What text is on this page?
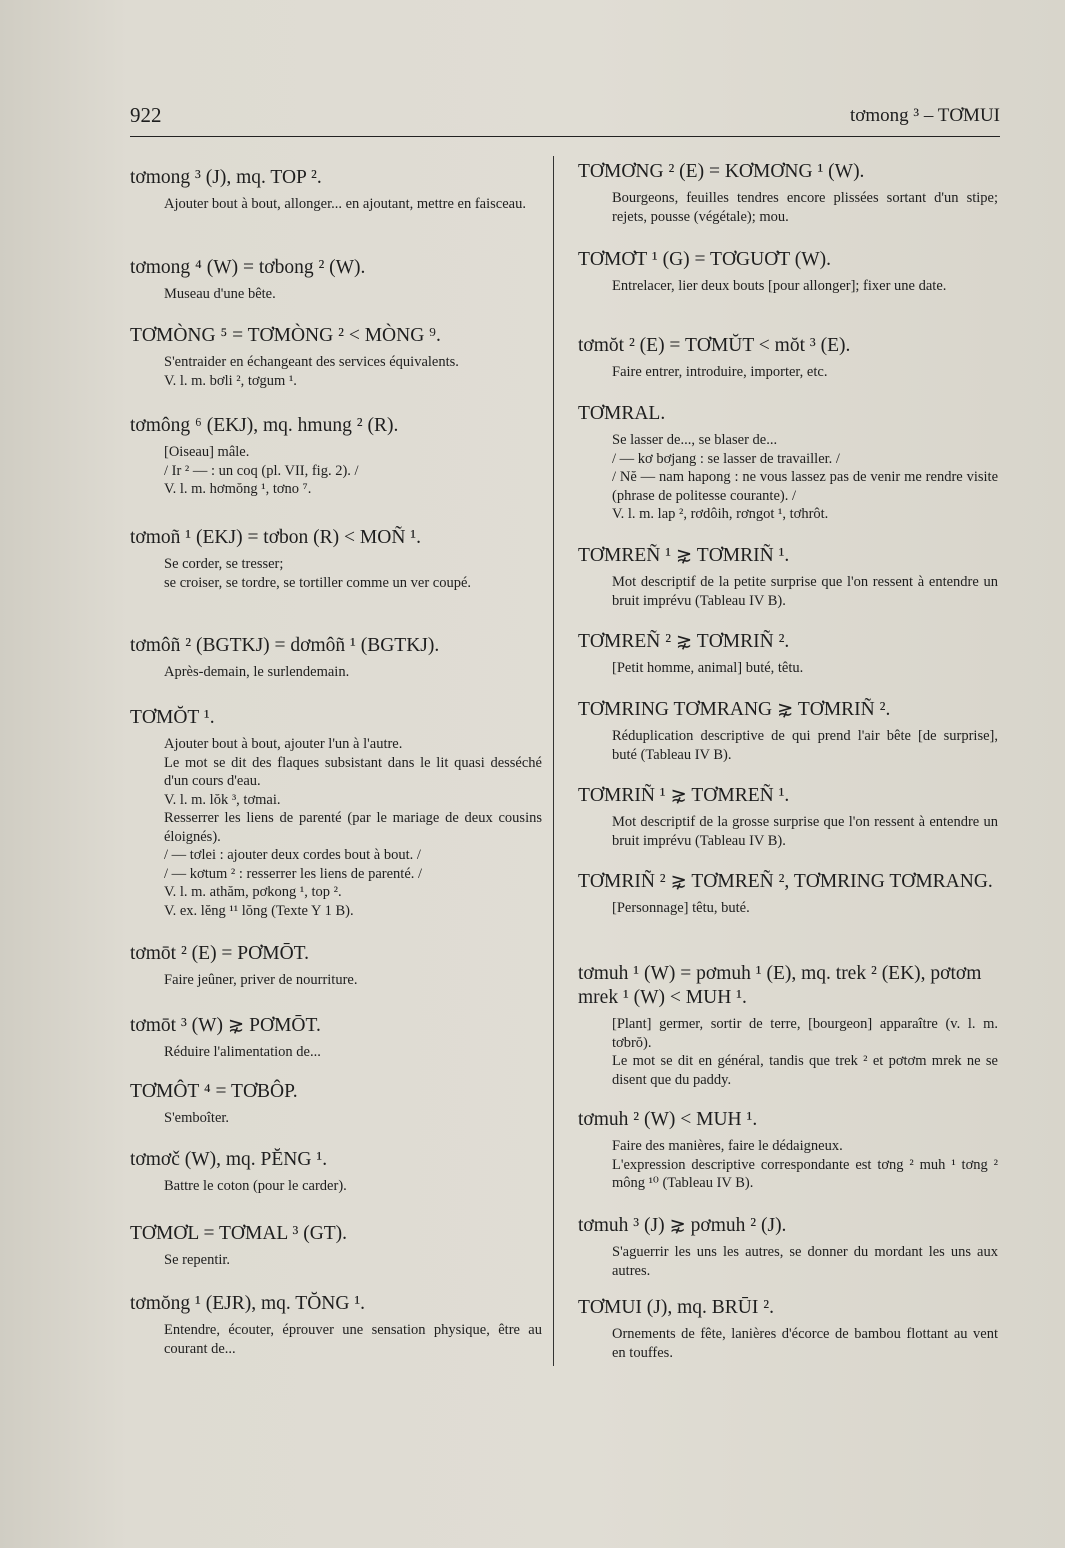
922	tơmong ³ – TƠMUI
tơmong ³ (J), mq. TOP ².

Ajouter bout à bout, allonger... en ajoutant, mettre en faisceau.

tơmong ⁴ (W) = tơbong ² (W).

Museau d'une bête.

TƠMÒNG ⁵ = TƠMÒNG ² < MÒNG ⁹.

S'entraider en échangeant des services équivalents.

V. l. m. bơli ², tơgum ¹.

tơmông ⁶ (EKJ), mq. hmung ² (R).

[Oiseau] mâle.

/ Ir ² — : un coq (pl. VII, fig. 2). /

V. l. m. hơmŏng ¹, tơno ⁷.

tơmoñ ¹ (EKJ) = tơbon (R) < MOÑ ¹.

Se corder, se tresser;

se croiser, se tordre, se tortiller comme un ver coupé.

tơmôñ ² (BGTKJ) = dơmôñ ¹ (BGTKJ).

Après-demain, le surlendemain.

TƠMŎT ¹.

Ajouter bout à bout, ajouter l'un à l'autre.

Le mot se dit des flaques subsistant dans le lit quasi desséché d'un cours d'eau.

V. l. m. lŏk ³, tơmai.

Resserrer les liens de parenté (par le mariage de deux cousins éloignés).

/ — tơlei : ajouter deux cordes bout à bout. /

/ — kơtum ² : resserrer les liens de parenté. /

V. l. m. athăm, pơkong ¹, top ².

V. ex. lĕng ¹¹ lŏng (Texte Y 1 B).

tơmōt ² (E) = PƠMŌT.

Faire jeûner, priver de nourriture.

tơmōt ³ (W) ⋧ PƠMŌT.

Réduire l'alimentation de...

TƠMÔT ⁴ = TƠBÔP.

S'emboîter.

tơmơč (W), mq. PĔNG ¹.

Battre le coton (pour le carder).

TƠMƠL = TƠMAL ³ (GT).

Se repentir.

tơmŏng ¹ (EJR), mq. TŎNG ¹.

Entendre, écouter, éprouver une sensation physique, être au courant de...

TƠMƠNG ² (E) = KƠMƠNG ¹ (W).

Bourgeons, feuilles tendres encore plissées sortant d'un stipe; rejets, pousse (végétale); mou.

TƠMƠT ¹ (G) = TƠGUƠT (W).

Entrelacer, lier deux bouts [pour allonger]; fixer une date.

tơmŏt ² (E) = TƠMŬT < mŏt ³ (E).

Faire entrer, introduire, importer, etc.

TƠMRAL.

Se lasser de..., se blaser de...

/ — kơ bơjang : se lasser de travailler. /

/ Nĕ — nam hapong : ne vous lassez pas de venir me rendre visite (phrase de politesse courante). /

V. l. m. lap ², rơdôih, rơngot ¹, tơhrôt.

TƠMREÑ ¹ ⋧ TƠMRIÑ ¹.

Mot descriptif de la petite surprise que l'on ressent à entendre un bruit imprévu (Tableau IV B).

TƠMREÑ ² ⋧ TƠMRIÑ ².

[Petit homme, animal] buté, têtu.

TƠMRING TƠMRANG ⋧ TƠMRIÑ ².

Réduplication descriptive de qui prend l'air bête [de surprise], buté (Tableau IV B).

TƠMRIÑ ¹ ⋧ TƠMREÑ ¹.

Mot descriptif de la grosse surprise que l'on ressent à entendre un bruit imprévu (Tableau IV B).

TƠMRIÑ ² ⋧ TƠMREÑ ², TƠMRING TƠMRANG.

[Personnage] têtu, buté.

tơmuh ¹ (W) = pơmuh ¹ (E), mq. trek ² (EK), pơtơm mrek ¹ (W) < MUH ¹.

[Plant] germer, sortir de terre, [bourgeon] apparaître (v. l. m. tơbrŏ).

Le mot se dit en général, tandis que trek ² et pơtơm mrek ne se disent que du paddy.

tơmuh ² (W) < MUH ¹.

Faire des manières, faire le dédaigneux.

L'expression descriptive correspondante est tơng ² muh ¹ tơng ² mông ¹⁰ (Tableau IV B).

tơmuh ³ (J) ⋧ pơmuh ² (J).

S'aguerrir les uns les autres, se donner du mordant les uns aux autres.

TƠMUI (J), mq. BRŪI ².

Ornements de fête, lanières d'écorce de bambou flottant au vent en touffes.
